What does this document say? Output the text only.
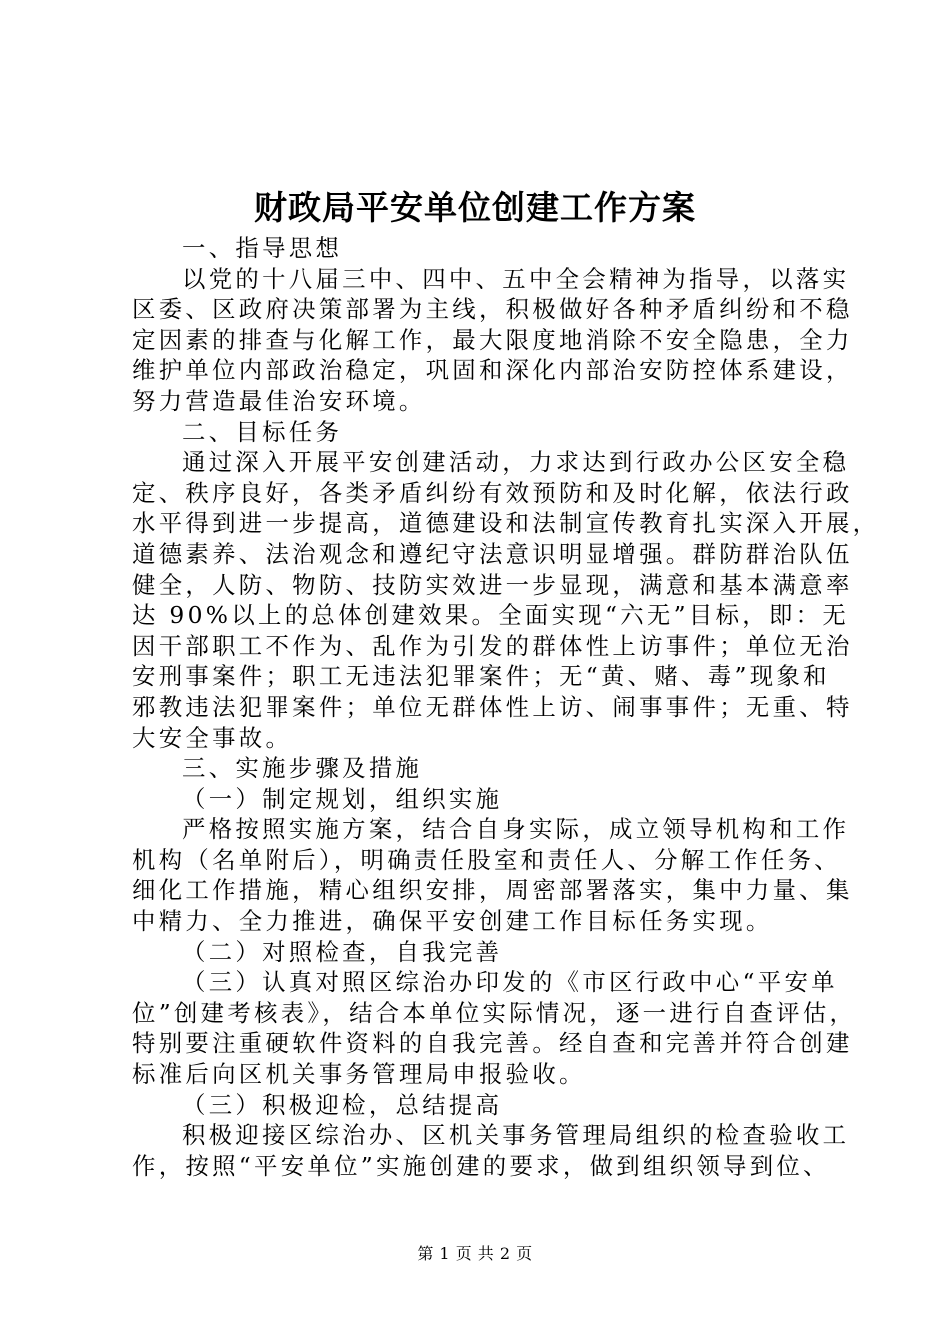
财政局平安单位创建工作方案
一、指导思想
以党的十八届三中、四中、五中全会精神为指导，以落实
区委、区政府决策部署为主线，积极做好各种矛盾纠纷和不稳
定因素的排查与化解工作，最大限度地消除不安全隐患，全力
维护单位内部政治稳定，巩固和深化内部治安防控体系建设，
努力营造最佳治安环境。
二、目标任务
通过深入开展平安创建活动，力求达到行政办公区安全稳
定、秩序良好，各类矛盾纠纷有效预防和及时化解，依法行政
水平得到进一步提高，道德建设和法制宣传教育扎实深入开展，
道德素养、法治观念和遵纪守法意识明显增强。群防群治队伍
健全，人防、物防、技防实效进一步显现，满意和基本满意率
达 90%以上的总体创建效果。全面实现“六无”目标，即：无
因干部职工不作为、乱作为引发的群体性上访事件；单位无治
安刑事案件；职工无违法犯罪案件；无“黄、赌、毒”现象和
邪教违法犯罪案件；单位无群体性上访、闹事事件；无重、特
大安全事故。
三、实施步骤及措施
（一）制定规划，组织实施
严格按照实施方案，结合自身实际，成立领导机构和工作
机构（名单附后），明确责任股室和责任人、分解工作任务、
细化工作措施，精心组织安排，周密部署落实，集中力量、集
中精力、全力推进，确保平安创建工作目标任务实现。
（二）对照检查，自我完善
（三）认真对照区综治办印发的《市区行政中心“平安单
位”创建考核表》，结合本单位实际情况，逐一进行自查评估，
特别要注重硬软件资料的自我完善。经自查和完善并符合创建
标准后向区机关事务管理局申报验收。
（三）积极迎检，总结提高
积极迎接区综治办、区机关事务管理局组织的检查验收工
作，按照“平安单位”实施创建的要求，做到组织领导到位、
第 1 页 共 2 页
